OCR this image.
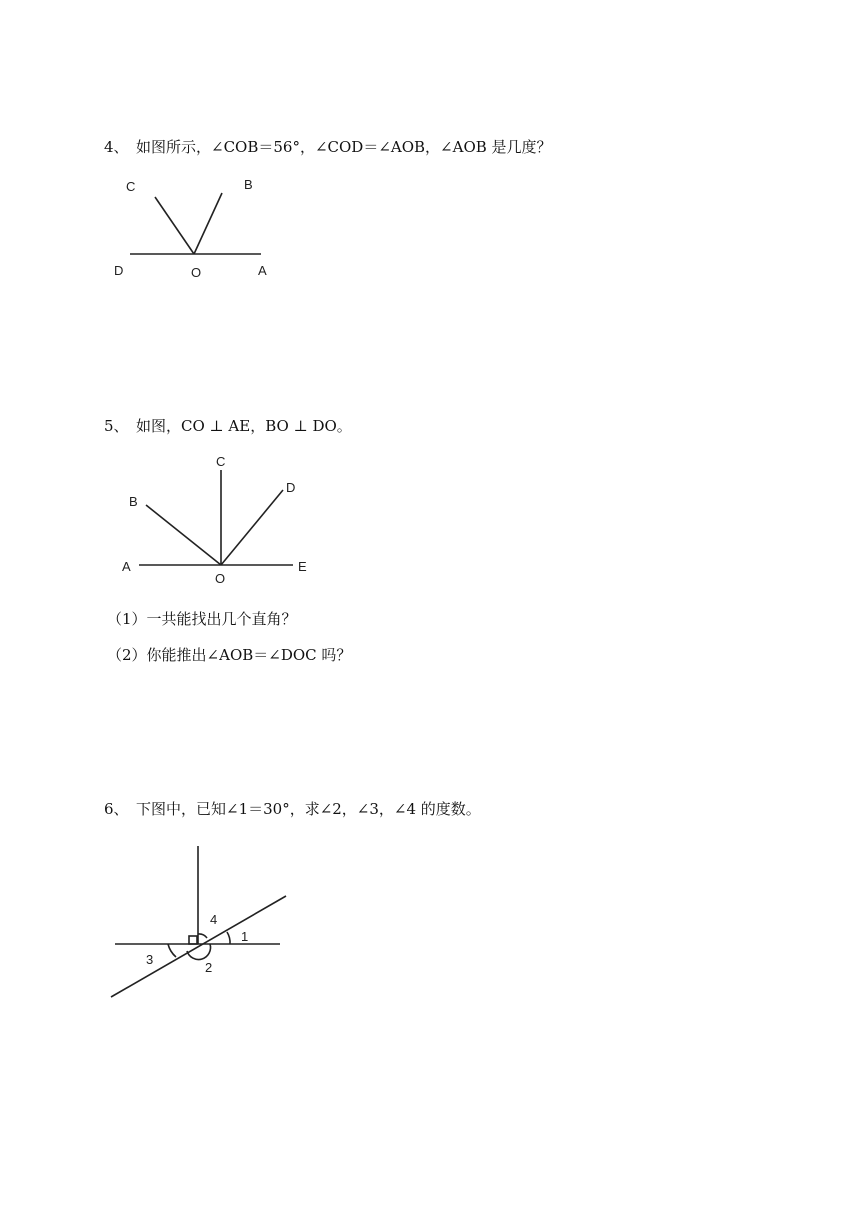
4、 如图所示，∠COB＝56°，∠COD＝∠AOB，∠AOB 是几度？
C	B
D	O	A
5、 如图，CO ⊥ AE，BO ⊥ DO。
C
D
B
A
O
E
（1）一共能找出几个直角？
（2）你能推出∠AOB＝∠DOC 吗？
6、 下图中，已知∠1＝30°，求∠2，∠3，∠4 的度数。
4
1
3
2
